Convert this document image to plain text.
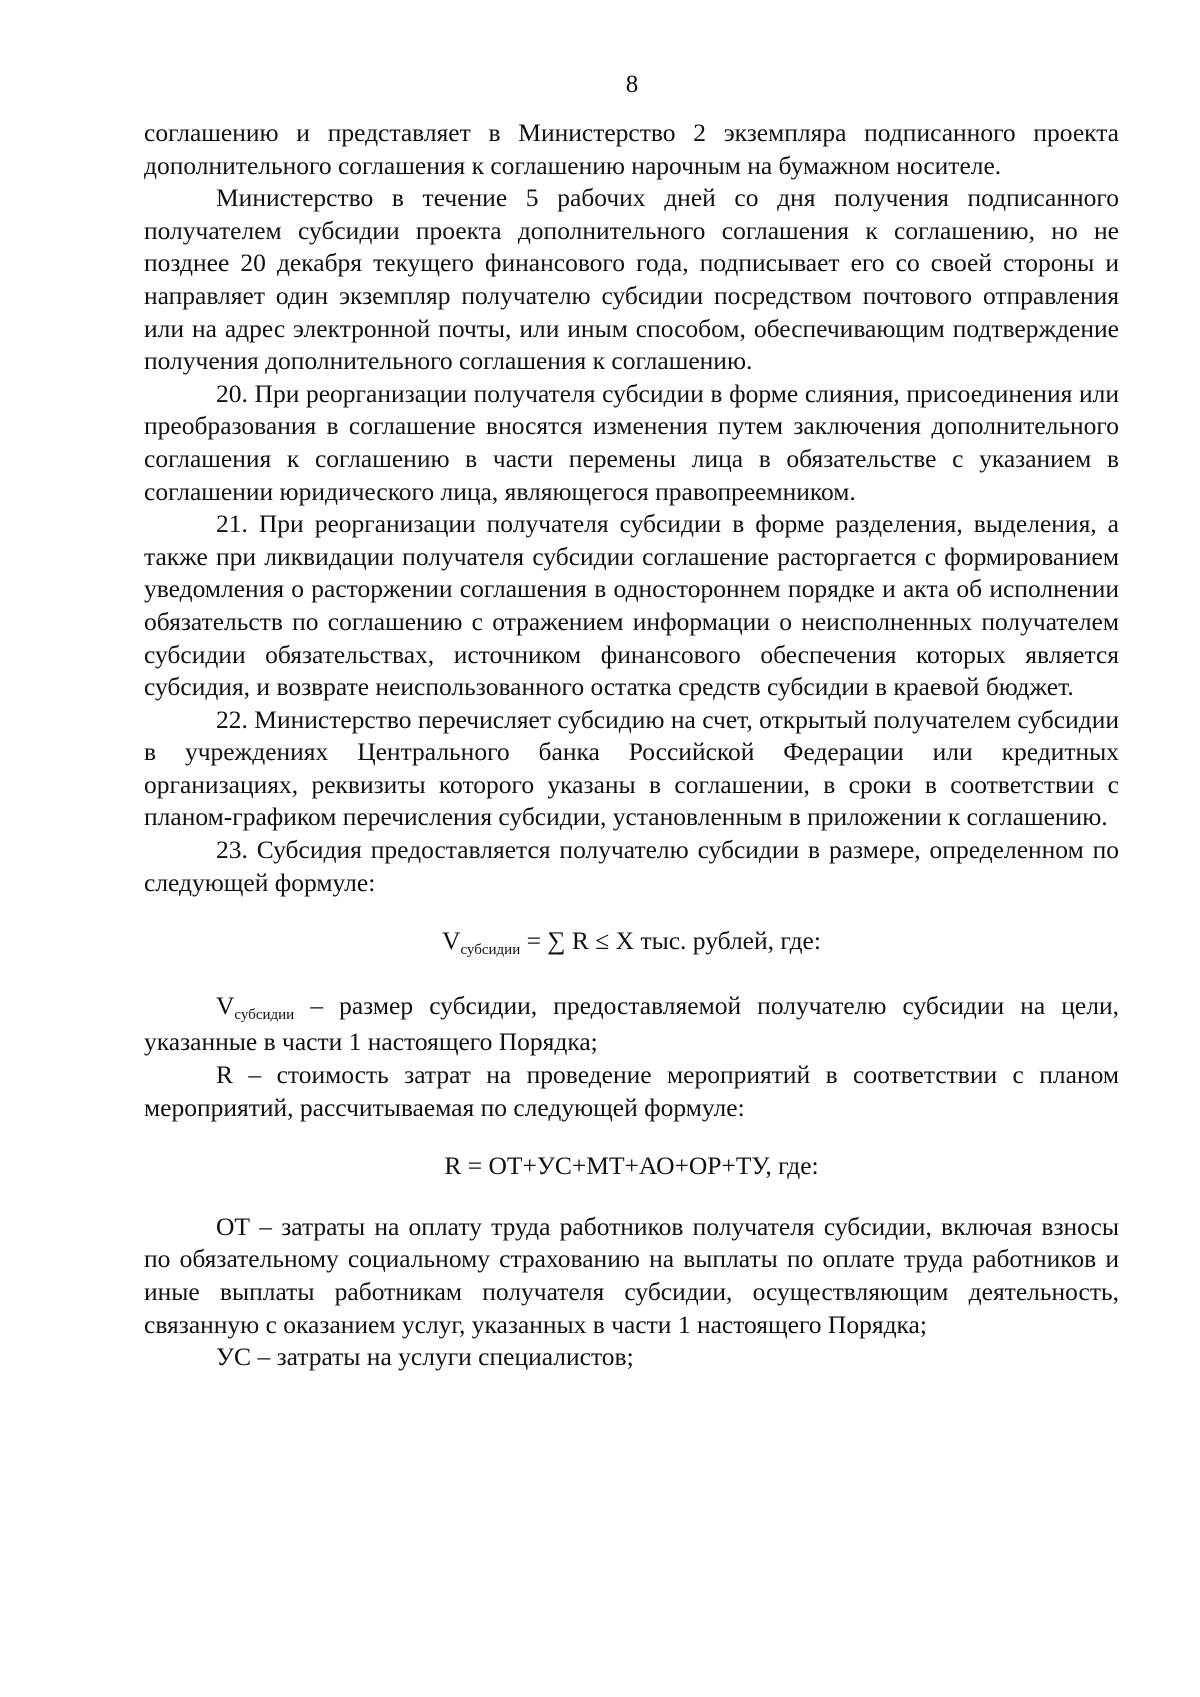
8

соглашению и представляет в Министерство 2 экземпляра подписанного проекта дополнительного соглашения к соглашению нарочным на бумажном носителе.

Министерство в течение 5 рабочих дней со дня получения подписанного получателем субсидии проекта дополнительного соглашения к соглашению, но не позднее 20 декабря текущего финансового года, подписывает его со своей стороны и направляет один экземпляр получателю субсидии посредством почтового отправления или на адрес электронной почты, или иным способом, обеспечивающим подтверждение получения дополнительного соглашения к соглашению.

20. При реорганизации получателя субсидии в форме слияния, присоединения или преобразования в соглашение вносятся изменения путем заключения дополнительного соглашения к соглашению в части перемены лица в обязательстве с указанием в соглашении юридического лица, являющегося правопреемником.

21. При реорганизации получателя субсидии в форме разделения, выделения, а также при ликвидации получателя субсидии соглашение расторгается с формированием уведомления о расторжении соглашения в одностороннем порядке и акта об исполнении обязательств по соглашению с отражением информации о неисполненных получателем субсидии обязательствах, источником финансового обеспечения которых является субсидия, и возврате неиспользованного остатка средств субсидии в краевой бюджет.

22. Министерство перечисляет субсидию на счет, открытый получателем субсидии в учреждениях Центрального банка Российской Федерации или кредитных организациях, реквизиты которого указаны в соглашении, в сроки в соответствии с планом-графиком перечисления субсидии, установленным в приложении к соглашению.

23. Субсидия предоставляется получателю субсидии в размере, определенном по следующей формуле:

Vсубсидии = ∑ R ≤ X тыс. рублей, где:

Vсубсидии – размер субсидии, предоставляемой получателю субсидии на цели, указанные в части 1 настоящего Порядка;

R – стоимость затрат на проведение мероприятий в соответствии с планом мероприятий, рассчитываемая по следующей формуле:

R = ОТ+УС+МТ+АО+ОР+ТУ, где:

ОТ – затраты на оплату труда работников получателя субсидии, включая взносы по обязательному социальному страхованию на выплаты по оплате труда работников и иные выплаты работникам получателя субсидии, осуществляющим деятельность, связанную с оказанием услуг, указанных в части 1 настоящего Порядка;

УС – затраты на услуги специалистов;
